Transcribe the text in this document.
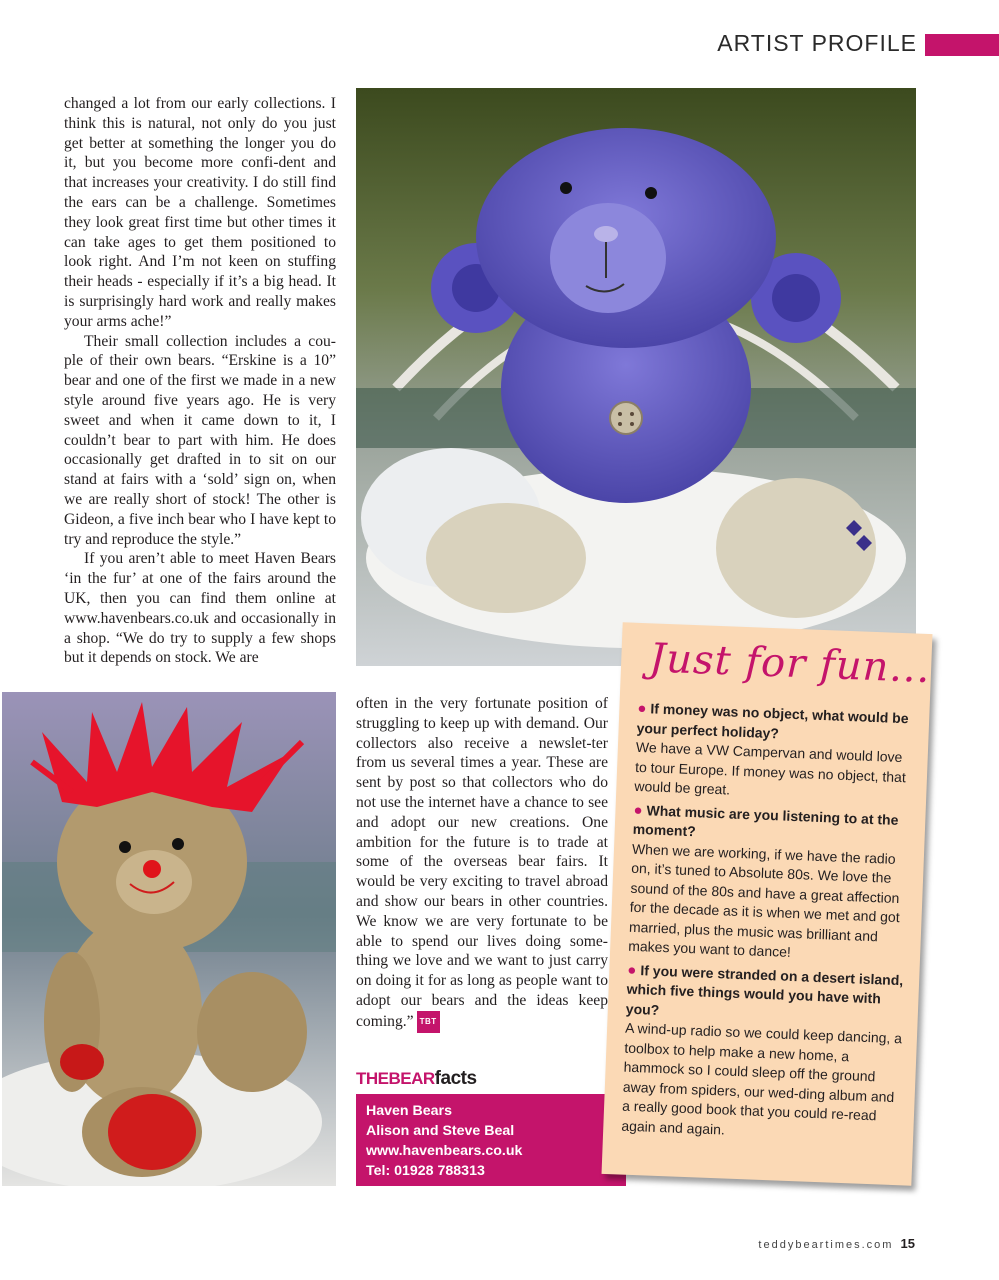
ARTIST PROFILE

changed a lot from our early collections. I think this is natural, not only do you just get better at something the longer you do it, but you become more confi-dent and that increases your creativity. I do still find the ears can be a challenge. Sometimes they look great first time but other times it can take ages to get them positioned to look right. And I’m not keen on stuffing their heads - especially if it’s a big head. It is surprisingly hard work and really makes your arms ache!”

Their small collection includes a cou-ple of their own bears. “Erskine is a 10” bear and one of the first we made in a new style around five years ago. He is very sweet and when it came down to it, I couldn’t bear to part with him. He does occasionally get drafted in to sit on our stand at fairs with a ‘sold’ sign on, when we are really short of stock! The other is Gideon, a five inch bear who I have kept to try and reproduce the style.”

If you aren’t able to meet Haven Bears ‘in the fur’ at one of the fairs around the UK, then you can find them online at www.havenbears.co.uk and occasionally in a shop. “We do try to supply a few shops but it depends on stock. We are

often in the very fortunate position of struggling to keep up with demand. Our collectors also receive a newslet-ter from us several times a year. These are sent by post so that collectors who do not use the internet have a chance to see and adopt our new creations. One ambition for the future is to trade at some of the overseas bear fairs. It would be very exciting to travel abroad and show our bears in other countries. We know we are very fortunate to be able to spend our lives doing some-thing we love and we want to just carry on doing it for as long as people want to adopt our bears and the ideas keep coming.” TBT

THEBEARfacts
Haven Bears
Alison and Steve Beal
www.havenbears.co.uk
Tel: 01928 788313
Just for fun...

● If money was no object, what would be your perfect holiday?

We have a VW Campervan and would love to tour Europe. If money was no object, that would be great.

● What music are you listening to at the moment?

When we are working, if we have the radio on, it’s tuned to Absolute 80s. We love the sound of the 80s and have a great affection for the decade as it is when we met and got married, plus the music was brilliant and makes you want to dance!

● If you were stranded on a desert island, which five things would you have with you?

A wind-up radio so we could keep dancing, a toolbox to help make a new home, a hammock so I could sleep off the ground away from spiders, our wed-ding album and a really good book that you could re-read again and again.

teddybeartimes.com 15
